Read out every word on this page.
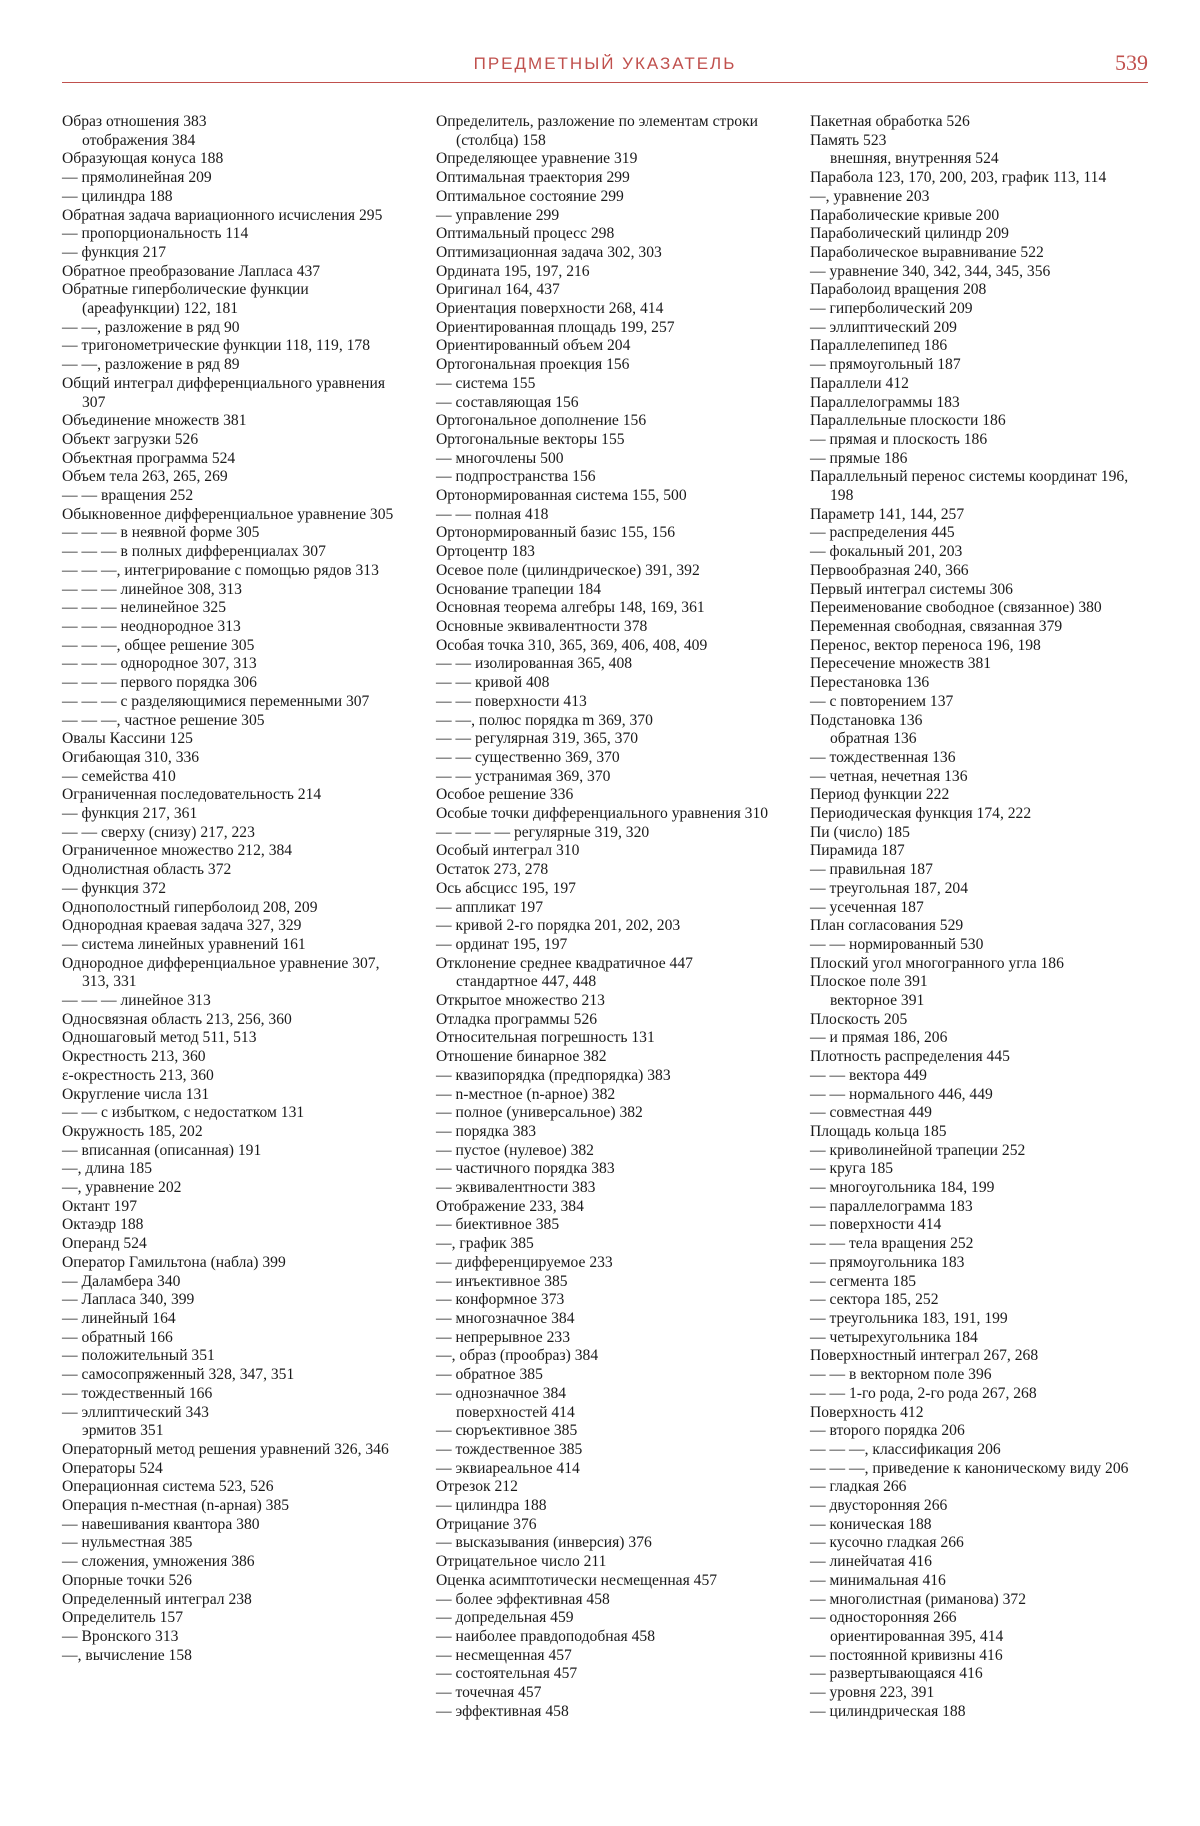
ПРЕДМЕТНЫЙ УКАЗАТЕЛЬ	539

Образ отношения 383

отображения 384

Образующая конуса 188

— прямолинейная 209

— цилиндра 188

Обратная задача вариационного исчисления 295

— пропорциональность 114

— функция 217

Обратное преобразование Лапласа 437

Обратные гиперболические функции (ареафункции) 122, 181

— —, разложение в ряд 90

— тригонометрические функции 118, 119, 178

— —, разложение в ряд 89

Общий интеграл дифференциального уравнения 307

Объединение множеств 381

Объект загрузки 526

Объектная программа 524

Объем тела 263, 265, 269

— — вращения 252

Обыкновенное дифференциальное уравнение 305

— — — в неявной форме 305

— — — в полных дифференциалах 307

— — —, интегрирование с помощью рядов 313

— — — линейное 308, 313

— — — нелинейное 325

— — — неоднородное 313

— — —, общее решение 305

— — — однородное 307, 313

— — — первого порядка 306

— — — с разделяющимися переменными 307

— — —, частное решение 305

Овалы Кассини 125

Огибающая 310, 336

— семейства 410

Ограниченная последовательность 214

— функция 217, 361

— — сверху (снизу) 217, 223

Ограниченное множество 212, 384

Однолистная область 372

— функция 372

Однополостный гиперболоид 208, 209

Однородная краевая задача 327, 329

— система линейных уравнений 161

Однородное дифференциальное уравнение 307, 313, 331

— — — линейное 313

Односвязная область 213, 256, 360

Одношаговый метод 511, 513

Окрестность 213, 360

ε-окрестность 213, 360

Округление числа 131

— — с избытком, с недостатком 131

Окружность 185, 202

— вписанная (описанная) 191

—, длина 185

—, уравнение 202

Октант 197

Октаэдр 188

Операнд 524

Оператор Гамильтона (набла) 399

— Даламбера 340

— Лапласа 340, 399

— линейный 164

— обратный 166

— положительный 351

— самосопряженный 328, 347, 351

— тождественный 166

— эллиптический 343

эрмитов 351

Операторный метод решения уравнений 326, 346

Операторы 524

Операционная система 523, 526

Операция n-местная (n-арная) 385

— навешивания квантора 380

— нульместная 385

— сложения, умножения 386

Опорные точки 526

Определенный интеграл 238

Определитель 157

— Вронского 313

—, вычисление 158

Определитель, разложение по элементам строки (столбца) 158

Определяющее уравнение 319

Оптимальная траектория 299

Оптимальное состояние 299

— управление 299

Оптимальный процесс 298

Оптимизационная задача 302, 303

Ордината 195, 197, 216

Оригинал 164, 437

Ориентация поверхности 268, 414

Ориентированная площадь 199, 257

Ориентированный объем 204

Ортогональная проекция 156

— система 155

— составляющая 156

Ортогональное дополнение 156

Ортогональные векторы 155

— многочлены 500

— подпространства 156

Ортонормированная система 155, 500

— — полная 418

Ортонормированный базис 155, 156

Ортоцентр 183

Осевое поле (цилиндрическое) 391, 392

Основание трапеции 184

Основная теорема алгебры 148, 169, 361

Основные эквивалентности 378

Особая точка 310, 365, 369, 406, 408, 409

— — изолированная 365, 408

— — кривой 408

— — поверхности 413

— —, полюс порядка m 369, 370

— — регулярная 319, 365, 370

— — существенно 369, 370

— — устранимая 369, 370

Особое решение 336

Особые точки дифференциального уравнения 310

— — — — регулярные 319, 320

Особый интеграл 310

Остаток 273, 278

Ось абсцисс 195, 197

— аппликат 197

— кривой 2-го порядка 201, 202, 203

— ординат 195, 197

Отклонение среднее квадратичное 447

стандартное 447, 448

Открытое множество 213

Отладка программы 526

Относительная погрешность 131

Отношение бинарное 382

— квазипорядка (предпорядка) 383

— n-местное (n-арное) 382

— полное (универсальное) 382

— порядка 383

— пустое (нулевое) 382

— частичного порядка 383

— эквивалентности 383

Отображение 233, 384

— биективное 385

—, график 385

— дифференцируемое 233

— инъективное 385

— конформное 373

— многозначное 384

— непрерывное 233

—, образ (прообраз) 384

— обратное 385

— однозначное 384

поверхностей 414

— сюръективное 385

— тождественное 385

— эквиареальное 414

Отрезок 212

— цилиндра 188

Отрицание 376

— высказывания (инверсия) 376

Отрицательное число 211

Оценка асимптотически несмещенная 457

— более эффективная 458

— допредельная 459

— наиболее правдоподобная 458

— несмещенная 457

— состоятельная 457

— точечная 457

— эффективная 458

Пакетная обработка 526

Память 523

внешняя, внутренняя 524

Парабола 123, 170, 200, 203, график 113, 114

—, уравнение 203

Параболические кривые 200

Параболический цилиндр 209

Параболическое выравнивание 522

— уравнение 340, 342, 344, 345, 356

Параболоид вращения 208

— гиперболический 209

— эллиптический 209

Параллелепипед 186

— прямоугольный 187

Параллели 412

Параллелограммы 183

Параллельные плоскости 186

— прямая и плоскость 186

— прямые 186

Параллельный перенос системы координат 196, 198

Параметр 141, 144, 257

— распределения 445

— фокальный 201, 203

Первообразная 240, 366

Первый интеграл системы 306

Переименование свободное (связанное) 380

Переменная свободная, связанная 379

Перенос, вектор переноса 196, 198

Пересечение множеств 381

Перестановка 136

— с повторением 137

Подстановка 136

обратная 136

— тождественная 136

— четная, нечетная 136

Период функции 222

Периодическая функция 174, 222

Пи (число) 185

Пирамида 187

— правильная 187

— треугольная 187, 204

— усеченная 187

План согласования 529

— — нормированный 530

Плоский угол многогранного угла 186

Плоское поле 391

векторное 391

Плоскость 205

— и прямая 186, 206

Плотность распределения 445

— — вектора 449

— — нормального 446, 449

— совместная 449

Площадь кольца 185

— криволинейной трапеции 252

— круга 185

— многоугольника 184, 199

— параллелограмма 183

— поверхности 414

— — тела вращения 252

— прямоугольника 183

— сегмента 185

— сектора 185, 252

— треугольника 183, 191, 199

— четырехугольника 184

Поверхностный интеграл 267, 268

— — в векторном поле 396

— — 1-го рода, 2-го рода 267, 268

Поверхность 412

— второго порядка 206

— — —, классификация 206

— — —, приведение к каноническому виду 206

— гладкая 266

— двусторонняя 266

— коническая 188

— кусочно гладкая 266

— линейчатая 416

— минимальная 416

— многолистная (риманова) 372

— односторонняя 266

ориентированная 395, 414

— постоянной кривизны 416

— развертывающаяся 416

— уровня 223, 391

— цилиндрическая 188
